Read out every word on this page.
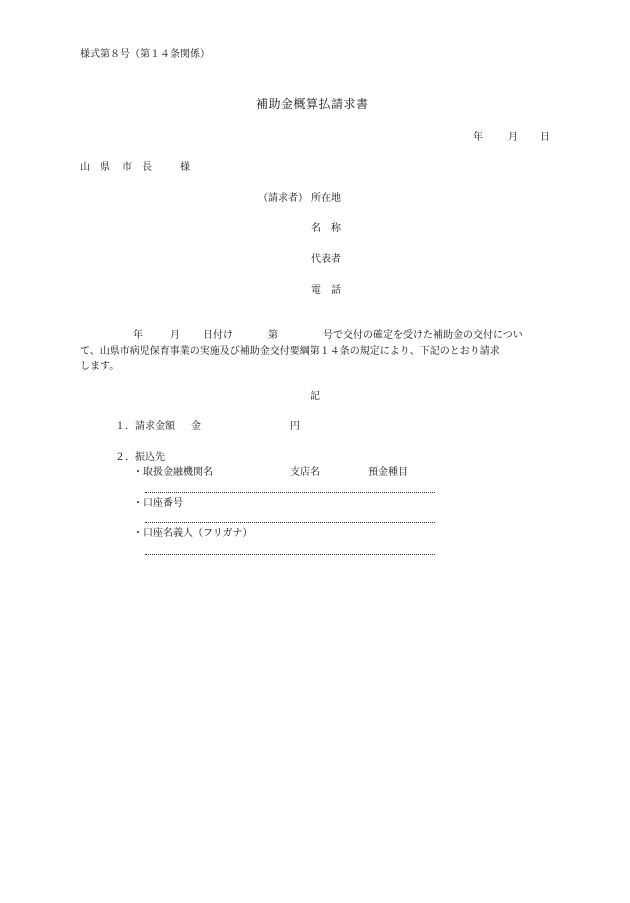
様式第８号（第１４条関係）
補助金概算払請求書
年	月 日
山　県 市　長	様
（請求者） 所在地
名　称
代表者
電　話
年	月 日付け	第	号で交付の確定を受けた補助金の交付につい
て、山県市病児保育事業の実施及び補助金交付要綱第１４条の規定により、下記のとおり請求
します。
記
１．請求金額 金	円
２．振込先
・取扱金融機関名	支店名	預金種目
・口座番号
・口座名義人（フリガナ）
